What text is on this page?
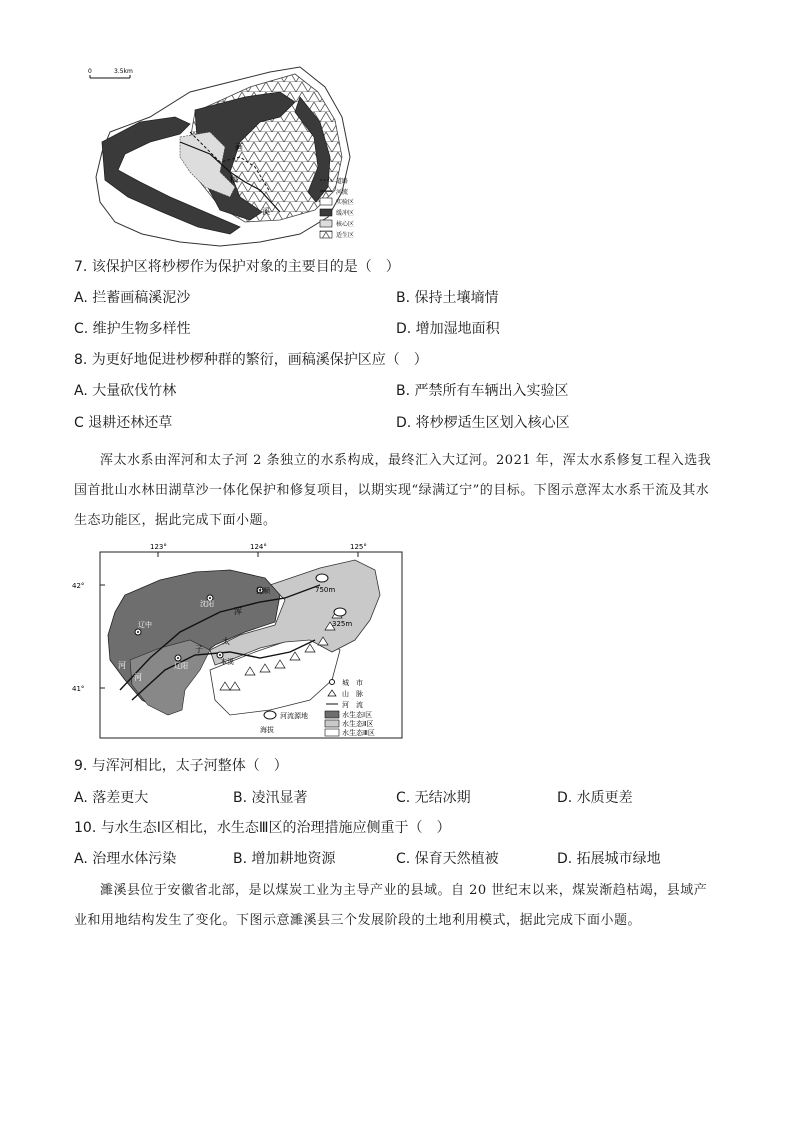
画
稿
溪
0	3.5km
道路
河流
实验区
缓冲区
核心区
适生区
7. 该保护区将杪椤作为保护对象的主要目的是（　）
A. 拦蓄画稿溪泥沙	B. 保持土壤墒情
C. 维护生物多样性	D. 增加湿地面积
8. 为更好地促进杪椤种群的繁衍，画稿溪保护区应（　）
A. 大量砍伐竹林	B. 严禁所有车辆出入实验区
C 退耕还林还草	D. 将杪椤适生区划入核心区
浑太水系由浑河和太子河 2 条独立的水系构成，最终汇入大辽河。2021 年，浑太水系修复工程入选我
国首批山水林田湖草沙一体化保护和修复项目，以期实现“绿满辽宁”的目标。下图示意浑太水系干流及其水
生态功能区，据此完成下面小题。
123°	124°	125°
42°
41°
沈阳
抚顺
辽中
辽阳	本溪
浑
河
太
子
河
750m
325m
城　市
山　脉
河　流
水生态Ⅰ区
水生态Ⅱ区
水生态Ⅲ区
河流源地
海拔
9. 与浑河相比，太子河整体（　）
A. 落差更大	B. 凌汛显著	C. 无结冰期	D. 水质更差
10. 与水生态Ⅰ区相比，水生态Ⅲ区的治理措施应侧重于（　）
A. 治理水体污染	B. 增加耕地资源	C. 保育天然植被	D. 拓展城市绿地
濉溪县位于安徽省北部，是以煤炭工业为主导产业的县域。自 20 世纪末以来，煤炭渐趋枯竭，县域产
业和用地结构发生了变化。下图示意濉溪县三个发展阶段的土地利用模式，据此完成下面小题。
